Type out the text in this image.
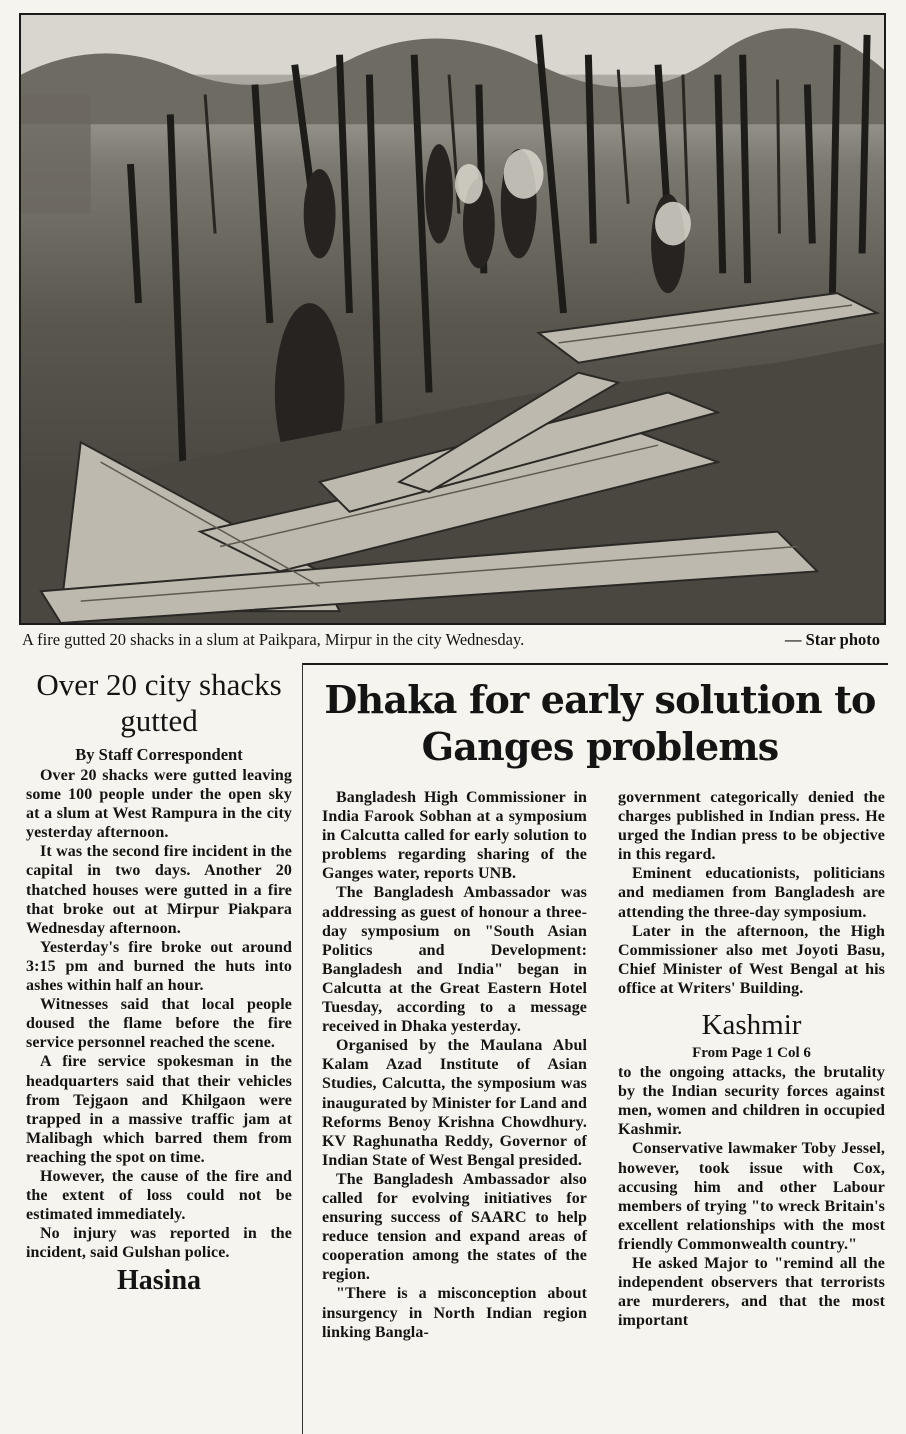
A fire gutted 20 shacks in a slum at Paikpara, Mirpur in the city Wednesday.	— Star photo
Over 20 city shacks gutted
By Staff Correspondent

Over 20 shacks were gutted leaving some 100 people under the open sky at a slum at West Rampura in the city yesterday afternoon.

It was the second fire incident in the capital in two days. Another 20 thatched houses were gutted in a fire that broke out at Mirpur Piakpara Wednesday afternoon.

Yesterday's fire broke out around 3:15 pm and burned the huts into ashes within half an hour.

Witnesses said that local people doused the flame before the fire service personnel reached the scene.

A fire service spokesman in the headquarters said that their vehicles from Tejgaon and Khilgaon were trapped in a massive traffic jam at Malibagh which barred them from reaching the spot on time.

However, the cause of the fire and the extent of loss could not be estimated immediately.

No injury was reported in the incident, said Gulshan police.

Hasina
Dhaka for early solution to Ganges problems

Bangladesh High Commissioner in India Farook Sobhan at a symposium in Calcutta called for early solution to problems regarding sharing of the Ganges water, reports UNB.

The Bangladesh Ambassador was addressing as guest of honour a three-day symposium on "South Asian Politics and Development: Bangladesh and India" began in Calcutta at the Great Eastern Hotel Tuesday, according to a message received in Dhaka yesterday.

Organised by the Maulana Abul Kalam Azad Institute of Asian Studies, Calcutta, the symposium was inaugurated by Minister for Land and Reforms Benoy Krishna Chowdhury. KV Raghunatha Reddy, Governor of Indian State of West Bengal presided.

The Bangladesh Ambassador also called for evolving initiatives for ensuring success of SAARC to help reduce tension and expand areas of cooperation among the states of the region.

"There is a misconception about insurgency in North Indian region linking Bangla-

government categorically denied the charges published in Indian press. He urged the Indian press to be objective in this regard.

Eminent educationists, politicians and mediamen from Bangladesh are attending the three-day symposium.

Later in the afternoon, the High Commissioner also met Joyoti Basu, Chief Minister of West Bengal at his office at Writers' Building.

Kashmir
From Page 1 Col 6

to the ongoing attacks, the brutality by the Indian security forces against men, women and children in occupied Kashmir.

Conservative lawmaker Toby Jessel, however, took issue with Cox, accusing him and other Labour members of trying "to wreck Britain's excellent relationships with the most friendly Commonwealth country."

He asked Major to "remind all the independent observers that terrorists are murderers, and that the most important
